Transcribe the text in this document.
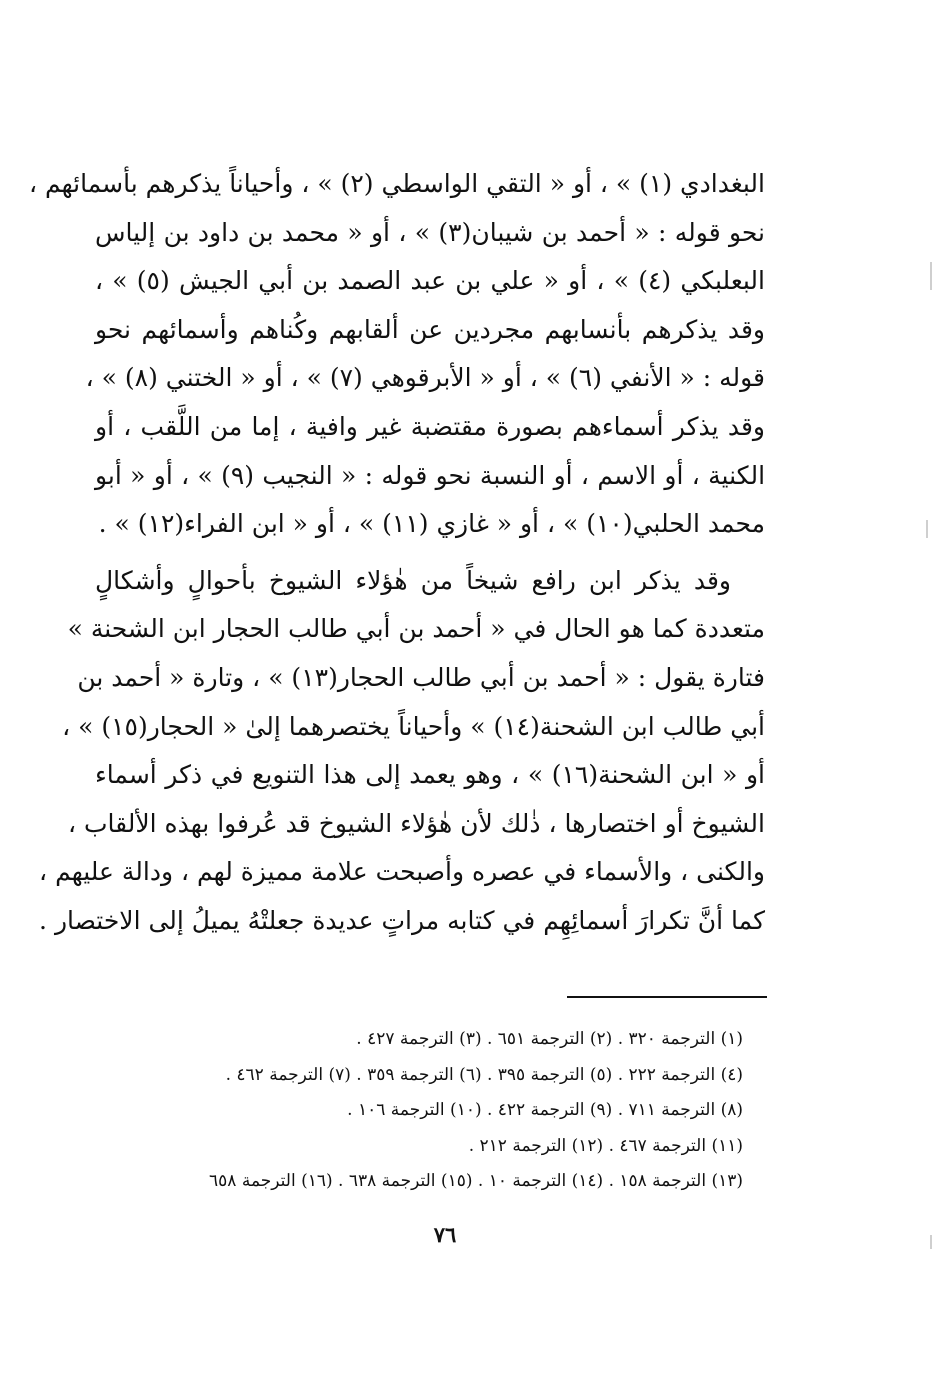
البغدادي (١) » ، أو « التقي الواسطي (٢) » ، وأحياناً يذكرهم بأسمائهم ،
نحو قوله : « أحمد بن شيبان(٣) » ، أو « محمد بن داود بن إلياس
البعلبكي (٤) » ، أو « علي بن عبد الصمد بن أبي الجيش (٥) » ،
وقد يذكرهم بأنسابهم مجردين عن ألقابهم وكُناهم وأسمائهم نحو
قوله : « الأنفي (٦) » ، أو « الأبرقوهي (٧) » ، أو « الختني (٨) » ،
وقد يذكر أسماءهم بصورة مقتضبة غير وافية ، إما من اللَّقب ، أو
الكنية ، أو الاسم ، أو النسبة نحو قوله : « النجيب (٩) » ، أو « أبو
محمد الحلبي(١٠) » ، أو « غازي (١١) » ، أو « ابن الفراء(١٢) » .
وقد يذكر ابن رافع شيخاً من هٰؤلاء الشيوخ بأحوالٍ وأشكالٍ
متعددة كما هو الحال في « أحمد بن أبي طالب الحجار ابن الشحنة »
فتارة يقول : « أحمد بن أبي طالب الحجار(١٣) » ، وتارة « أحمد بن
أبي طالب ابن الشحنة(١٤) » وأحياناً يختصرهما إلىٰ « الحجار(١٥) » ،
أو « ابن الشحنة(١٦) » ، وهو يعمد إلى هذا التنويع في ذكر أسماء
الشيوخ أو اختصارها ، ذٰلك لأن هٰؤلاء الشيوخ قد عُرفوا بهذه الألقاب ،
والكنى ، والأسماء في عصره وأصبحت علامة مميزة لهم ، ودالة عليهم ،
كما أنَّ تكرارَ أسمائِهِم في كتابه مراتٍ عديدة جعلتْهُ يميلُ إلى الاختصار .
(١) الترجمة ٣٢٠ . (٢) الترجمة ٦٥١ . (٣) الترجمة ٤٢٧ .
(٤) الترجمة ٢٢٢ . (٥) الترجمة ٣٩٥ . (٦) الترجمة ٣٥٩ . (٧) الترجمة ٤٦٢ .
(٨) الترجمة ٧١١ . (٩) الترجمة ٤٢٢ . (١٠) الترجمة ١٠٦ .
(١١) الترجمة ٤٦٧ . (١٢) الترجمة ٢١٢ .
(١٣) الترجمة ١٥٨ . (١٤) الترجمة ١٠ . (١٥) الترجمة ٦٣٨ . (١٦) الترجمة ٦٥٨
٧٦
